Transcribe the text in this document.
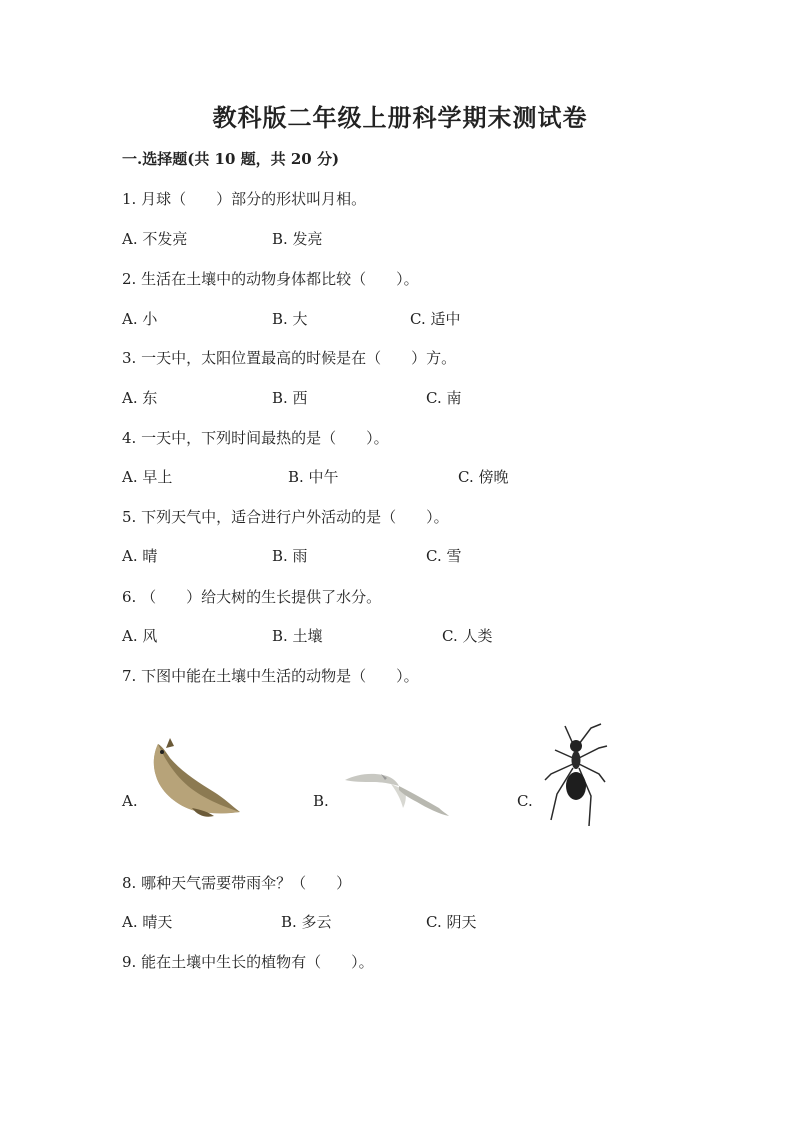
教科版二年级上册科学期末测试卷
一.选择题(共 10 题，共 20 分)
1. 月球（　　）部分的形状叫月相。
A. 不发亮	B. 发亮
2. 生活在土壤中的动物身体都比较（　　）。
A. 小	B. 大	C. 适中
3. 一天中，太阳位置最高的时候是在（　　）方。
A. 东	B. 西	C. 南
4. 一天中，下列时间最热的是（　　）。
A. 早上	B. 中午	C. 傍晚
5. 下列天气中，适合进行户外活动的是（　　）。
A. 晴	B. 雨	C. 雪
6. （　　）给大树的生长提供了水分。
A. 风	B. 土壤	C. 人类
7. 下图中能在土壤中生活的动物是（　　）。
A.	B.	C.
8. 哪种天气需要带雨伞？（　　）
A. 晴天	B. 多云	C. 阴天
9. 能在土壤中生长的植物有（　　）。
